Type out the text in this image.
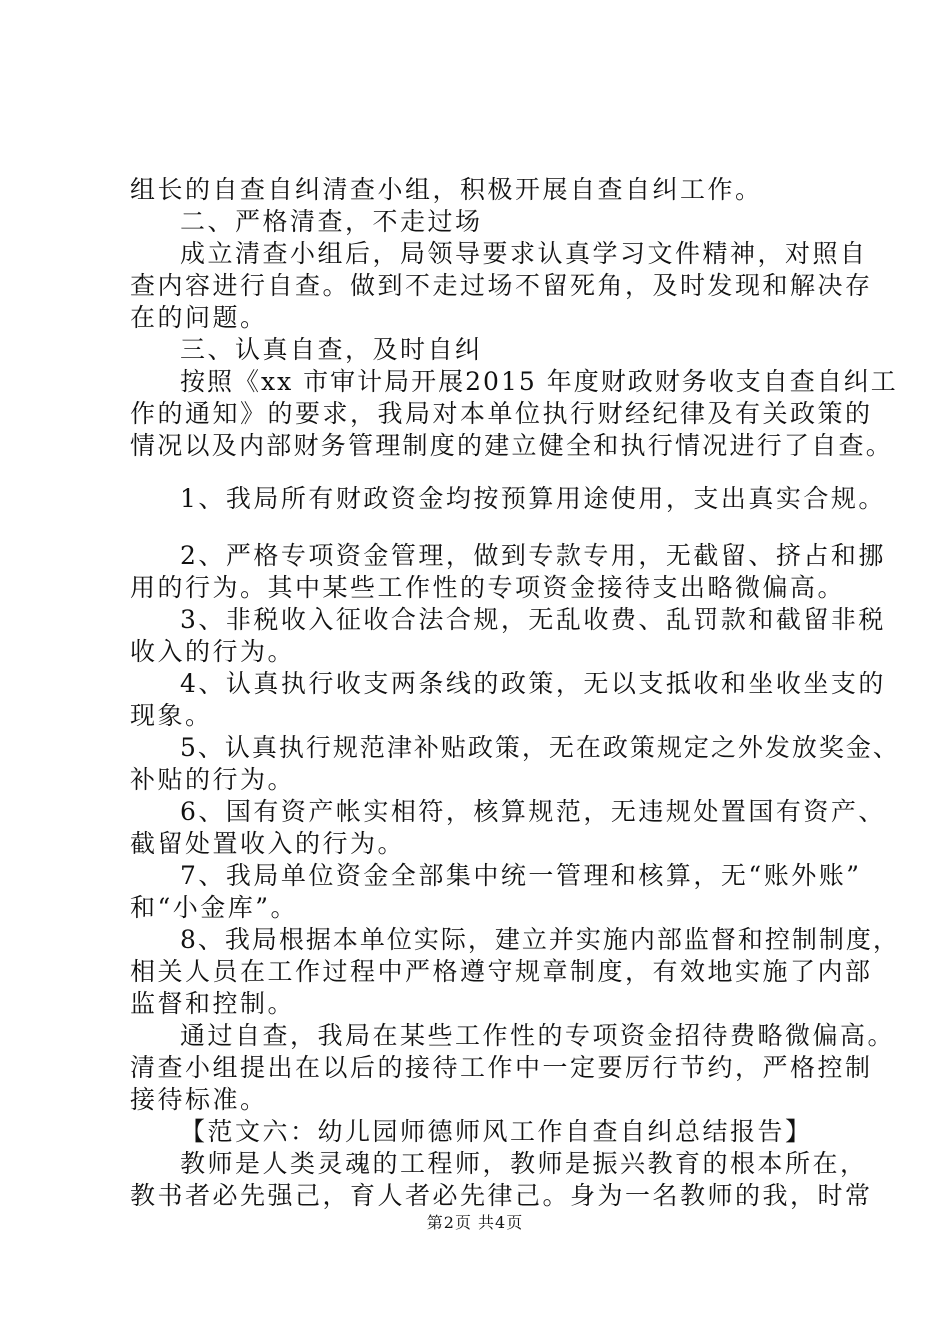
组长的自查自纠清查小组，积极开展自查自纠工作。
二、严格清查，不走过场
成立清查小组后，局领导要求认真学习文件精神，对照自
查内容进行自查。做到不走过场不留死角，及时发现和解决存
在的问题。
三、认真自查，及时自纠
按照《xx 市审计局开展2015 年度财政财务收支自查自纠工
作的通知》的要求，我局对本单位执行财经纪律及有关政策的
情况以及内部财务管理制度的建立健全和执行情况进行了自查。
1、我局所有财政资金均按预算用途使用，支出真实合规。
2、严格专项资金管理，做到专款专用，无截留、挤占和挪
用的行为。其中某些工作性的专项资金接待支出略微偏高。
3、非税收入征收合法合规，无乱收费、乱罚款和截留非税
收入的行为。
4、认真执行收支两条线的政策，无以支抵收和坐收坐支的
现象。
5、认真执行规范津补贴政策，无在政策规定之外发放奖金、
补贴的行为。
6、国有资产帐实相符，核算规范，无违规处置国有资产、
截留处置收入的行为。
7、我局单位资金全部集中统一管理和核算，无“账外账”
和“小金库”。
8、我局根据本单位实际，建立并实施内部监督和控制制度，
相关人员在工作过程中严格遵守规章制度，有效地实施了内部
监督和控制。
通过自查，我局在某些工作性的专项资金招待费略微偏高。
清查小组提出在以后的接待工作中一定要厉行节约，严格控制
接待标准。
【范文六：幼儿园师德师风工作自查自纠总结报告】
教师是人类灵魂的工程师，教师是振兴教育的根本所在，
教书者必先强己，育人者必先律己。身为一名教师的我，时常
第2页 共4页
